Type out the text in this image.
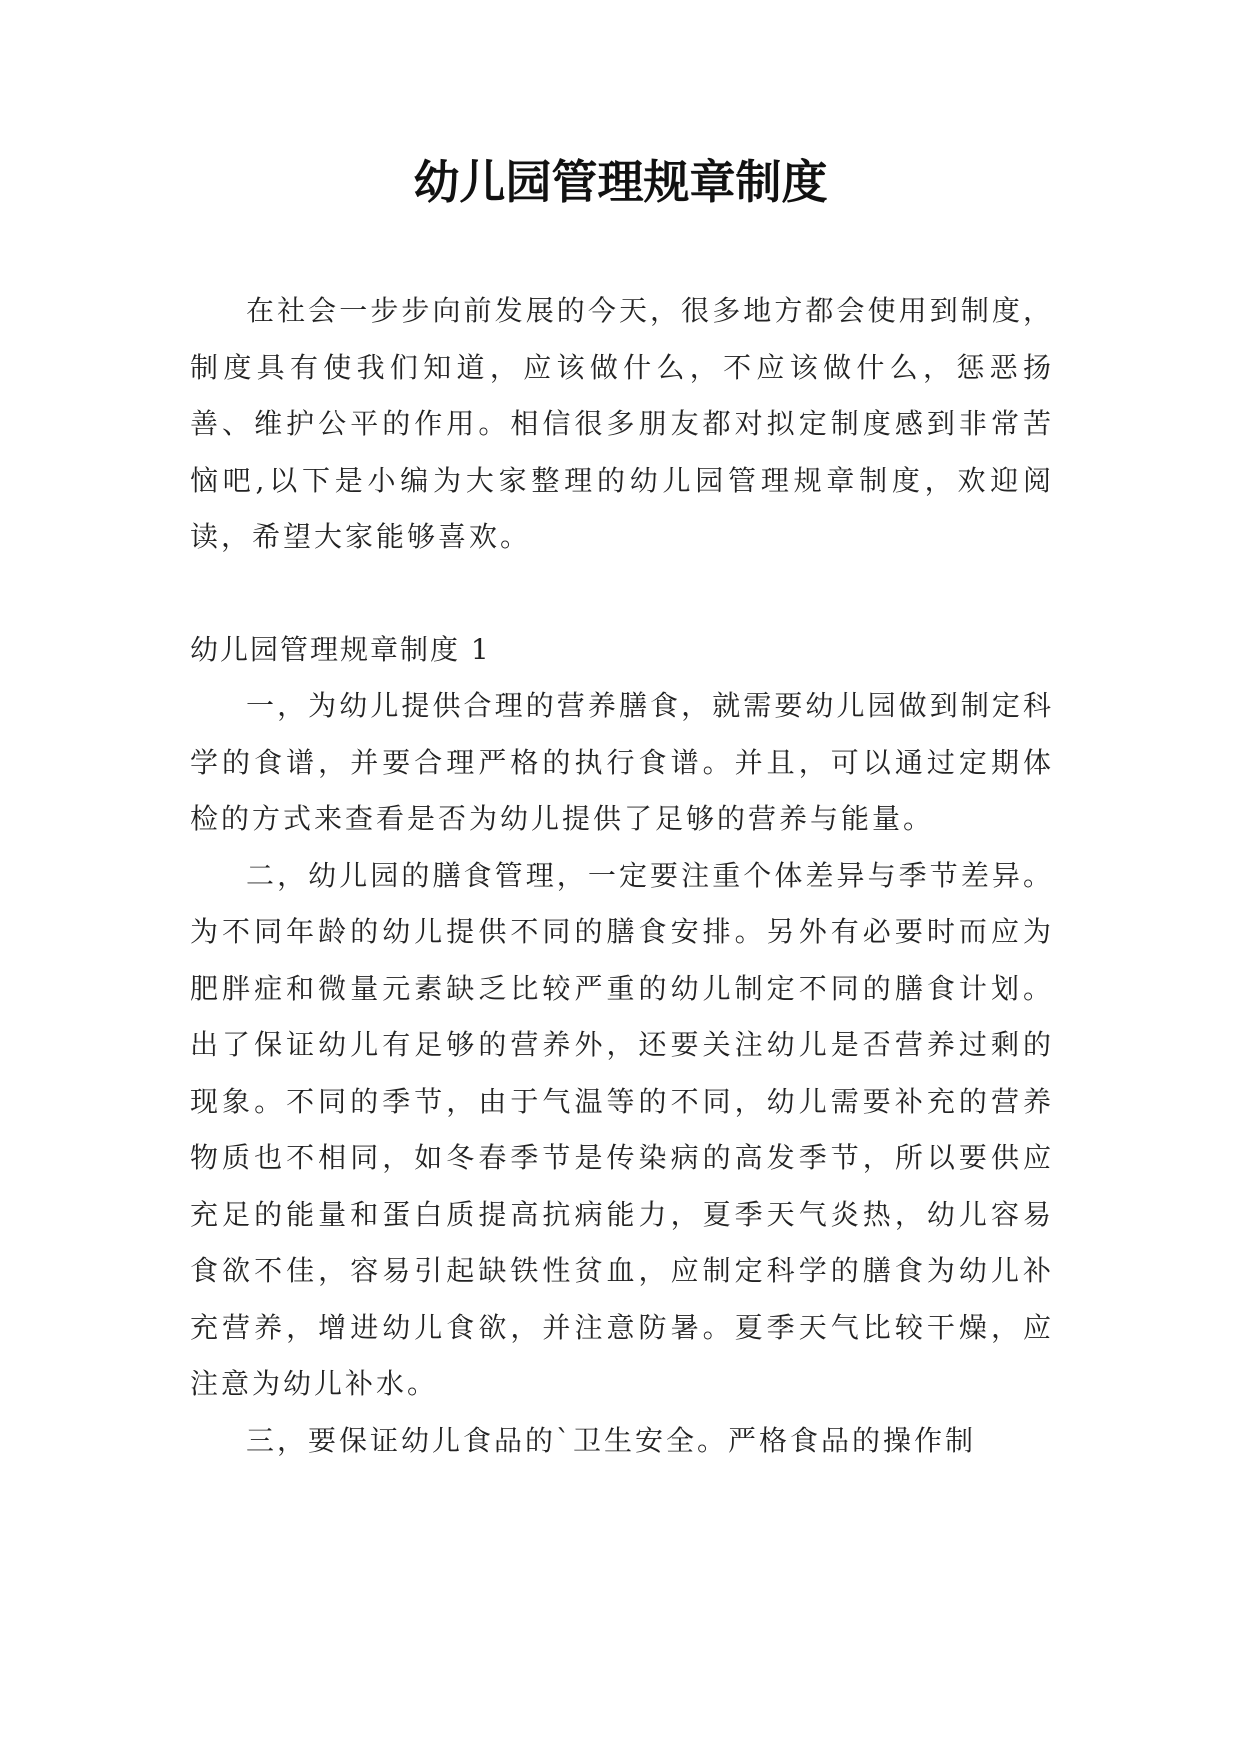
幼儿园管理规章制度

在社会一步步向前发展的今天，很多地方都会使用到制度，制度具有使我们知道，应该做什么，不应该做什么，惩恶扬善、维护公平的作用。相信很多朋友都对拟定制度感到非常苦恼吧,以下是小编为大家整理的幼儿园管理规章制度，欢迎阅读，希望大家能够喜欢。

幼儿园管理规章制度 1

一，为幼儿提供合理的营养膳食，就需要幼儿园做到制定科学的食谱，并要合理严格的执行食谱。并且，可以通过定期体检的方式来查看是否为幼儿提供了足够的营养与能量。

二，幼儿园的膳食管理，一定要注重个体差异与季节差异。为不同年龄的幼儿提供不同的膳食安排。另外有必要时而应为肥胖症和微量元素缺乏比较严重的幼儿制定不同的膳食计划。出了保证幼儿有足够的营养外，还要关注幼儿是否营养过剩的现象。不同的季节，由于气温等的不同，幼儿需要补充的营养物质也不相同，如冬春季节是传染病的高发季节，所以要供应充足的能量和蛋白质提高抗病能力，夏季天气炎热，幼儿容易食欲不佳，容易引起缺铁性贫血，应制定科学的膳食为幼儿补充营养，增进幼儿食欲，并注意防暑。夏季天气比较干燥，应注意为幼儿补水。

三，要保证幼儿食品的`卫生安全。严格食品的操作制
